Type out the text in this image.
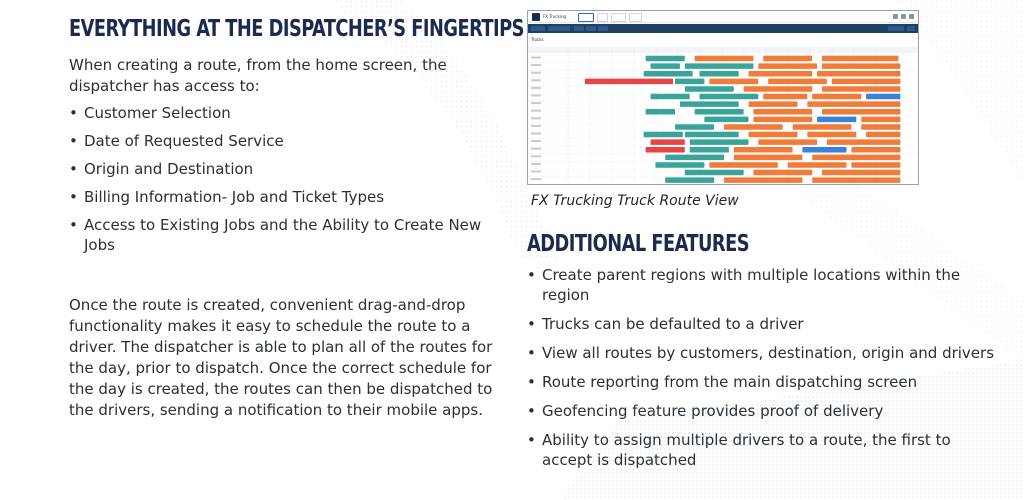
EVERYTHING AT THE DISPATCHER’S FINGERTIPS

When creating a route, from the home screen, the dispatcher has access to:

• Customer Selection
• Date of Requested Service
• Origin and Destination
• Billing Information- Job and Ticket Types
• Access to Existing Jobs and the Ability to Create New Jobs

Once the route is created, convenient drag-and-drop functionality makes it easy to schedule the route to a driver. The dispatcher is able to plan all of the routes for the day, prior to dispatch. Once the correct schedule for the day is created, the routes can then be dispatched to the drivers, sending a notification to their mobile apps.

FX Trucking

Trucks

FX Trucking Truck Route View

ADDITIONAL FEATURES
• Create parent regions with multiple locations within the region
• Trucks can be defaulted to a driver
• View all routes by customers, destination, origin and drivers
• Route reporting from the main dispatching screen
• Geofencing feature provides proof of delivery
• Ability to assign multiple drivers to a route, the first to accept is dispatched
